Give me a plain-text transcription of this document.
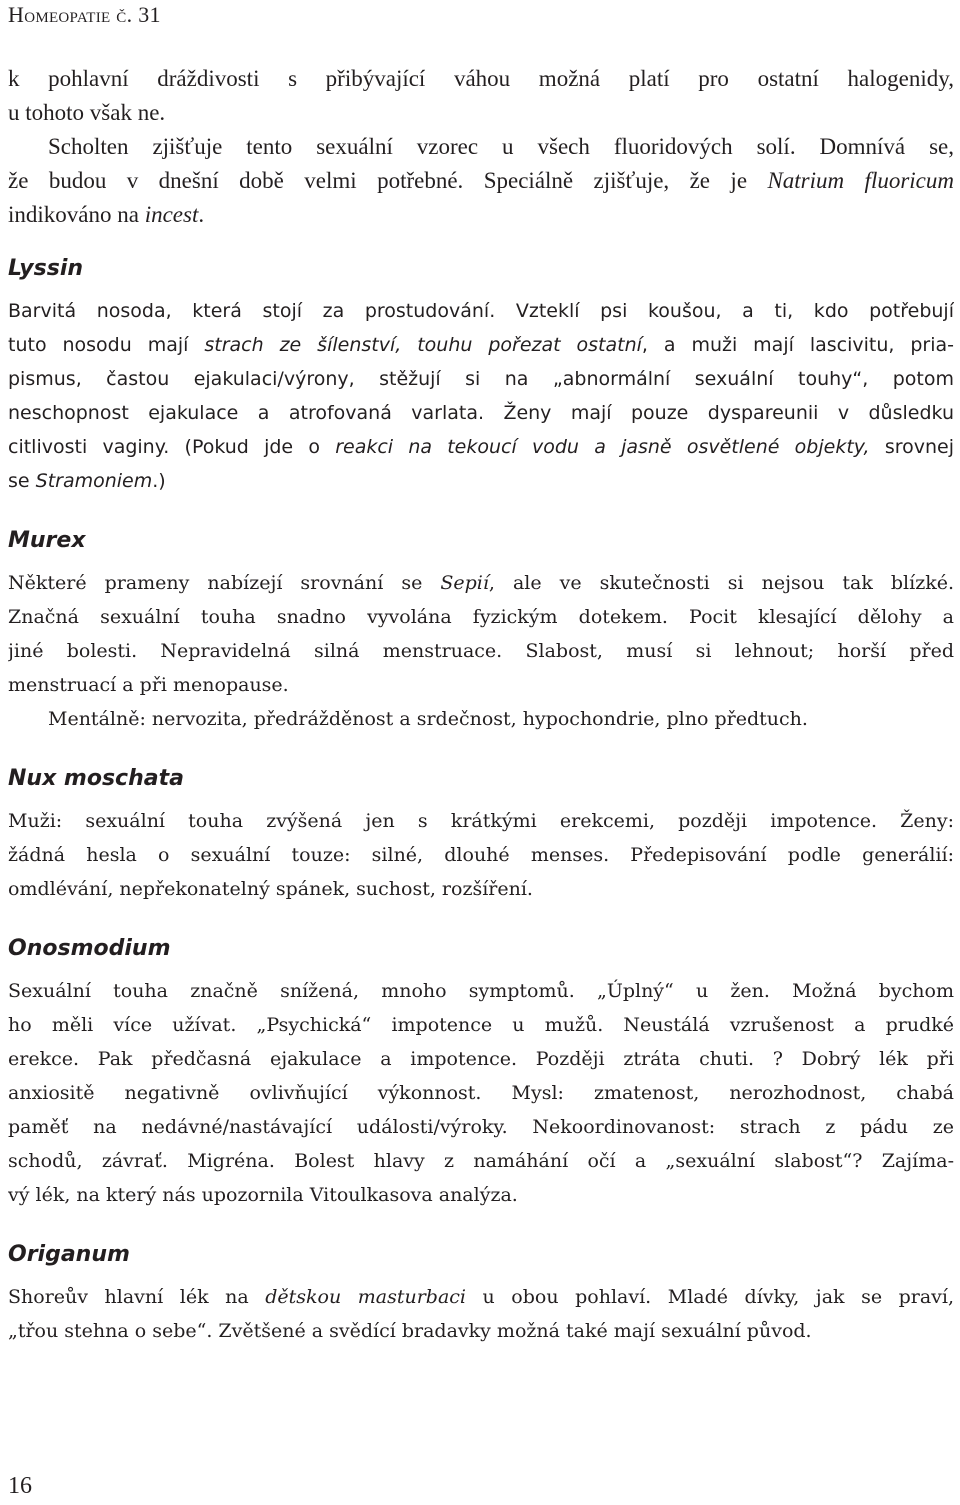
Homeopatie č. 31
k pohlavní dráždivosti s přibývající váhou možná platí pro ostatní halogenidy,
u tohoto však ne.
Scholten zjišťuje tento sexuální vzorec u všech fluoridových solí. Domnívá se,
že budou v dnešní době velmi potřebné. Speciálně zjišťuje, že je Natrium fluoricum
indikováno na incest.
Lyssin
Barvitá nosoda, která stojí za prostudování. Vzteklí psi koušou, a ti, kdo potřebují
tuto nosodu mají strach ze šílenství, touhu pořezat ostatní, a muži mají lascivitu, pria-
pismus, častou ejakulaci/výrony, stěžují si na „abnormální sexuální touhy“, potom
neschopnost ejakulace a atrofovaná varlata. Ženy mají pouze dyspareunii v důsledku
citlivosti vaginy. (Pokud jde o reakci na tekoucí vodu a jasně osvětlené objekty, srovnej
se Stramoniem.)
Murex
Některé prameny nabízejí srovnání se Sepií, ale ve skutečnosti si nejsou tak blízké.
Značná sexuální touha snadno vyvolána fyzickým dotekem. Pocit klesající dělohy a
jiné bolesti. Nepravidelná silná menstruace. Slabost, musí si lehnout; horší před
menstruací a při menopause.
Mentálně: nervozita, předrážděnost a srdečnost, hypochondrie, plno předtuch.
Nux moschata
Muži: sexuální touha zvýšená jen s krátkými erekcemi, později impotence. Ženy:
žádná hesla o sexuální touze: silné, dlouhé menses. Předepisování podle generálií:
omdlévání, nepřekonatelný spánek, suchost, rozšíření.
Onosmodium
Sexuální touha značně snížená, mnoho symptomů. „Úplný“ u žen. Možná bychom
ho měli více užívat. „Psychická“ impotence u mužů. Neustálá vzrušenost a prudké
erekce. Pak předčasná ejakulace a impotence. Později ztráta chuti. ? Dobrý lék při
anxiositě negativně ovlivňující výkonnost. Mysl: zmatenost, nerozhodnost, chabá
paměť na nedávné/nastávající události/výroky. Nekoordinovanost: strach z pádu ze
schodů, závrať. Migréna. Bolest hlavy z namáhání očí a „sexuální slabost“? Zajíma-
vý lék, na který nás upozornila Vitoulkasova analýza.
Origanum
Shoreův hlavní lék na dětskou masturbaci u obou pohlaví. Mladé dívky, jak se praví,
„třou stehna o sebe“. Zvětšené a svědící bradavky možná také mají sexuální původ.
16
